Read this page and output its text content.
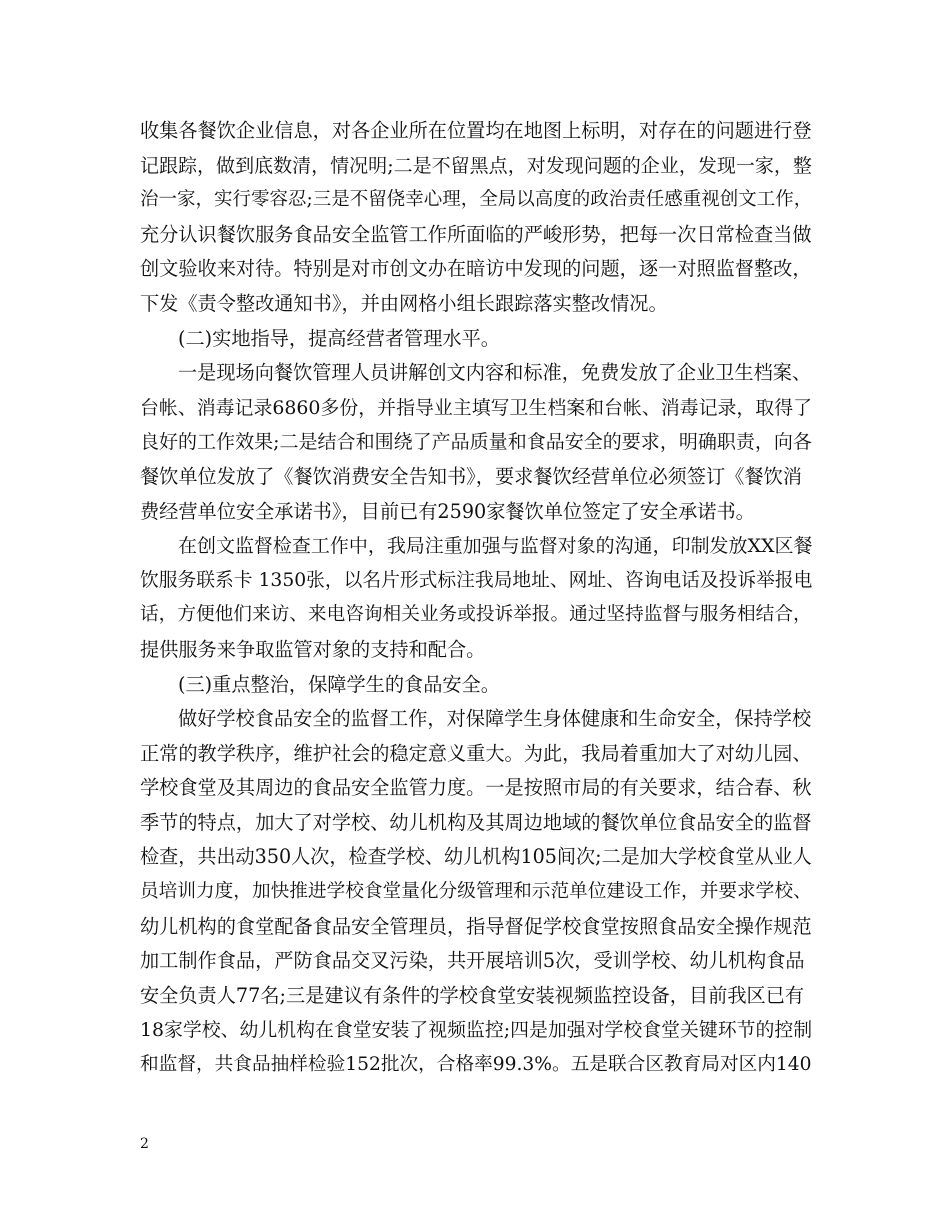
收集各餐饮企业信息，对各企业所在位置均在地图上标明，对存在的问题进行登
记跟踪，做到底数清，情况明;二是不留黑点，对发现问题的企业，发现一家，整
治一家，实行零容忍;三是不留侥幸心理，全局以高度的政治责任感重视创文工作，
充分认识餐饮服务食品安全监管工作所面临的严峻形势，把每一次日常检查当做
创文验收来对待。特别是对市创文办在暗访中发现的问题，逐一对照监督整改，
下发《责令整改通知书》，并由网格小组长跟踪落实整改情况。
(二)实地指导，提高经营者管理水平。
一是现场向餐饮管理人员讲解创文内容和标准，免费发放了企业卫生档案、
台帐、消毒记录6860多份，并指导业主填写卫生档案和台帐、消毒记录，取得了
良好的工作效果;二是结合和围绕了产品质量和食品安全的要求，明确职责，向各
餐饮单位发放了《餐饮消费安全告知书》，要求餐饮经营单位必须签订《餐饮消
费经营单位安全承诺书》，目前已有2590家餐饮单位签定了安全承诺书。
在创文监督检查工作中，我局注重加强与监督对象的沟通，印制发放XX区餐
饮服务联系卡 1350张，以名片形式标注我局地址、网址、咨询电话及投诉举报电
话，方便他们来访、来电咨询相关业务或投诉举报。通过坚持监督与服务相结合，
提供服务来争取监管对象的支持和配合。
(三)重点整治，保障学生的食品安全。
做好学校食品安全的监督工作，对保障学生身体健康和生命安全，保持学校
正常的教学秩序，维护社会的稳定意义重大。为此，我局着重加大了对幼儿园、
学校食堂及其周边的食品安全监管力度。一是按照市局的有关要求，结合春、秋
季节的特点，加大了对学校、幼儿机构及其周边地域的餐饮单位食品安全的监督
检查，共出动350人次，检查学校、幼儿机构105间次;二是加大学校食堂从业人
员培训力度，加快推进学校食堂量化分级管理和示范单位建设工作，并要求学校、
幼儿机构的食堂配备食品安全管理员，指导督促学校食堂按照食品安全操作规范
加工制作食品，严防食品交叉污染，共开展培训5次，受训学校、幼儿机构食品
安全负责人77名;三是建议有条件的学校食堂安装视频监控设备，目前我区已有
18家学校、幼儿机构在食堂安装了视频监控;四是加强对学校食堂关键环节的控制
和监督，共食品抽样检验152批次，合格率99.3%。五是联合区教育局对区内140
2
